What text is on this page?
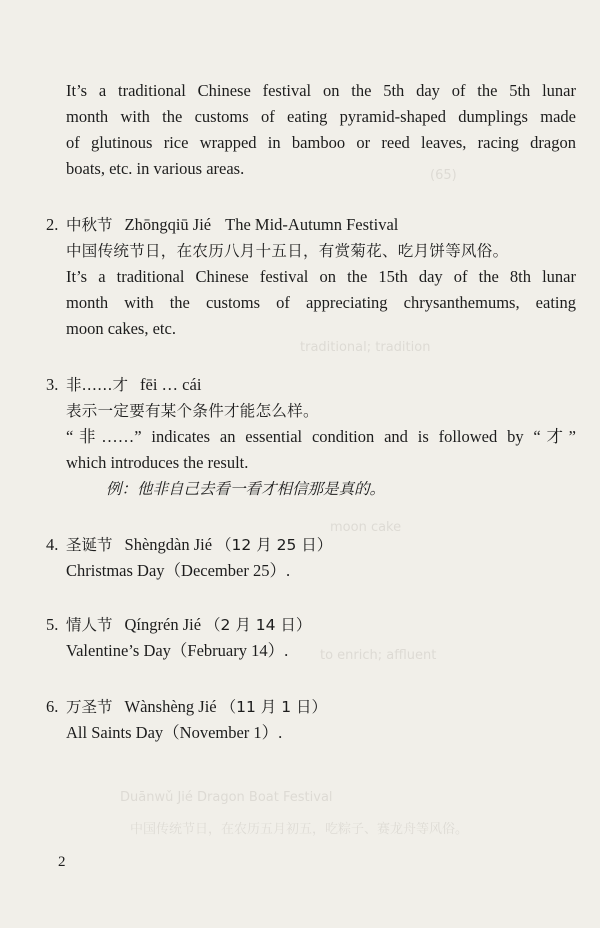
(65)
traditional; tradition
moon cake
to enrich; affluent
Duānwǔ Jié Dragon Boat Festival
中国传统节日，在农历五月初五，吃粽子、赛龙舟等风俗。
It’s a traditional Chinese festival on the 5th day of the 5th lunar
month with the customs of eating pyramid-shaped dumplings made
of glutinous rice wrapped in bamboo or reed leaves, racing dragon
boats, etc. in various areas.
2. 中秋节 Zhōngqiū Jié The Mid-Autumn Festival
中国传统节日，在农历八月十五日，有赏菊花、吃月饼等风俗。
It’s a traditional Chinese festival on the 15th day of the 8th lunar
month with the customs of appreciating chrysanthemums, eating
moon cakes, etc.
3. 非……才 fēi … cái
表示一定要有某个条件才能怎么样。
“非……” indicates an essential condition and is followed by “才”
which introduces the result.
例：他非自己去看一看才相信那是真的。
4. 圣诞节 Shèngdàn Jié （12 月 25 日）
Christmas Day（December 25）.
5. 情人节 Qíngrén Jié （2 月 14 日）
Valentine’s Day（February 14）.
6. 万圣节 Wànshèng Jié （11 月 1 日）
All Saints Day（November 1）.
2
